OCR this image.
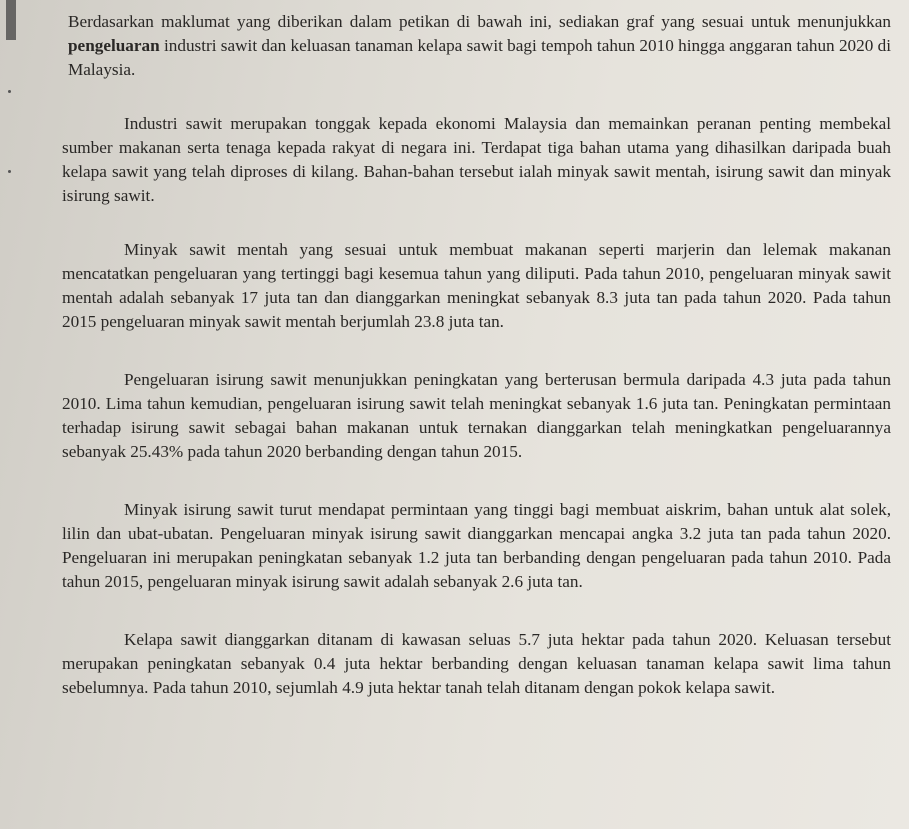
Berdasarkan maklumat yang diberikan dalam petikan di bawah ini, sediakan graf yang sesuai untuk menunjukkan pengeluaran industri sawit dan keluasan tanaman kelapa sawit bagi tempoh tahun 2010 hingga anggaran tahun 2020 di Malaysia.

Industri sawit merupakan tonggak kepada ekonomi Malaysia dan memainkan peranan penting membekal sumber makanan serta tenaga kepada rakyat di negara ini. Terdapat tiga bahan utama yang dihasilkan daripada buah kelapa sawit yang telah diproses di kilang. Bahan-bahan tersebut ialah minyak sawit mentah, isirung sawit dan minyak isirung sawit.

Minyak sawit mentah yang sesuai untuk membuat makanan seperti marjerin dan lelemak makanan mencatatkan pengeluaran yang tertinggi bagi kesemua tahun yang diliputi. Pada tahun 2010, pengeluaran minyak sawit mentah adalah sebanyak 17 juta tan dan dianggarkan meningkat sebanyak 8.3 juta tan pada tahun 2020. Pada tahun 2015 pengeluaran minyak sawit mentah berjumlah 23.8 juta tan.

Pengeluaran isirung sawit menunjukkan peningkatan yang berterusan bermula daripada 4.3 juta pada tahun 2010. Lima tahun kemudian, pengeluaran isirung sawit telah meningkat sebanyak 1.6 juta tan. Peningkatan permintaan terhadap isirung sawit sebagai bahan makanan untuk ternakan dianggarkan telah meningkatkan pengeluarannya sebanyak 25.43% pada tahun 2020 berbanding dengan tahun 2015.

Minyak isirung sawit turut mendapat permintaan yang tinggi bagi membuat aiskrim, bahan untuk alat solek, lilin dan ubat-ubatan. Pengeluaran minyak isirung sawit dianggarkan mencapai angka 3.2 juta tan pada tahun 2020. Pengeluaran ini merupakan peningkatan sebanyak 1.2 juta tan berbanding dengan pengeluaran pada tahun 2010. Pada tahun 2015, pengeluaran minyak isirung sawit adalah sebanyak 2.6 juta tan.

Kelapa sawit dianggarkan ditanam di kawasan seluas 5.7 juta hektar pada tahun 2020. Keluasan tersebut merupakan peningkatan sebanyak 0.4 juta hektar berbanding dengan keluasan tanaman kelapa sawit lima tahun sebelumnya. Pada tahun 2010, sejumlah 4.9 juta hektar tanah telah ditanam dengan pokok kelapa sawit.
